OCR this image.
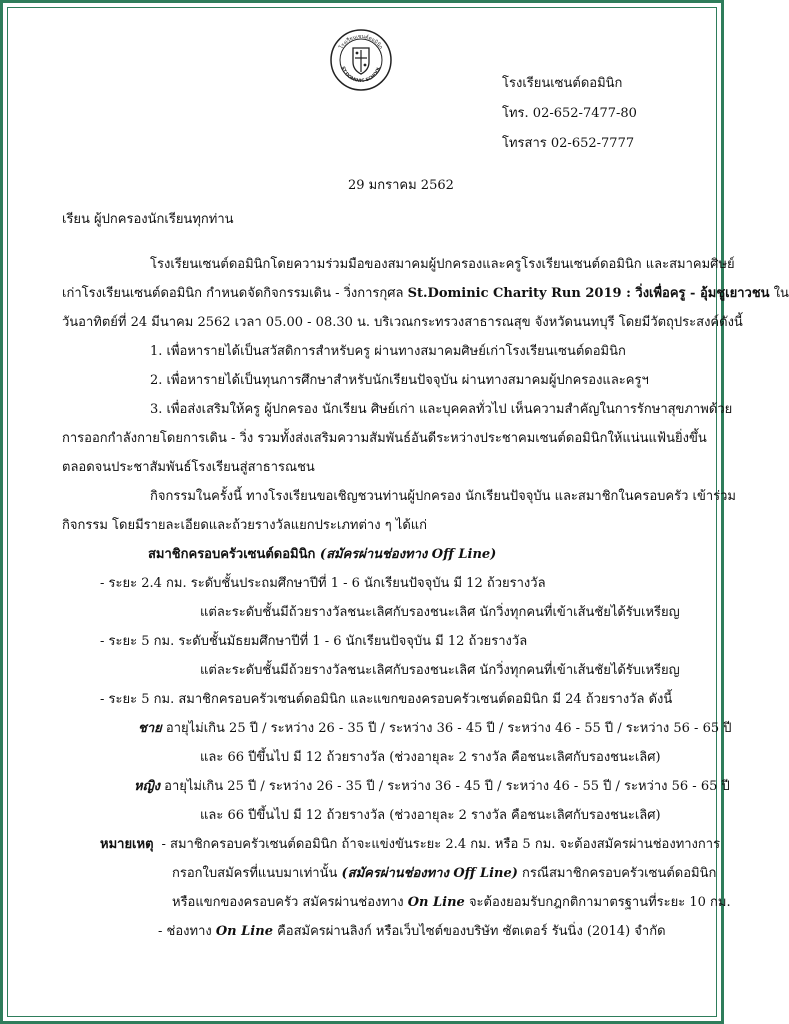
โรงเรียนเซนต์ดอมินิก
ST.DOMINIC SCHOOL
โรงเรียนเซนต์ดอมินิก
โทร. 02-652-7477-80
โทรสาร 02-652-7777
29 มกราคม 2562
เรียน ผู้ปกครองนักเรียนทุกท่าน
โรงเรียนเซนต์ดอมินิกโดยความร่วมมือของสมาคมผู้ปกครองและครูโรงเรียนเซนต์ดอมินิก และสมาคมศิษย์
เก่าโรงเรียนเซนต์ดอมินิก กำหนดจัดกิจกรรมเดิน - วิ่งการกุศล St.Dominic Charity Run 2019 : วิ่งเพื่อครู - อุ้มชูเยาวชน ใน
วันอาทิตย์ที่ 24 มีนาคม 2562 เวลา 05.00 - 08.30 น. บริเวณกระทรวงสาธารณสุข จังหวัดนนทบุรี โดยมีวัตถุประสงค์ดังนี้
1. เพื่อหารายได้เป็นสวัสดิการสำหรับครู ผ่านทางสมาคมศิษย์เก่าโรงเรียนเซนต์ดอมินิก
2. เพื่อหารายได้เป็นทุนการศึกษาสำหรับนักเรียนปัจจุบัน ผ่านทางสมาคมผู้ปกครองและครูฯ
3. เพื่อส่งเสริมให้ครู ผู้ปกครอง นักเรียน ศิษย์เก่า และบุคคลทั่วไป เห็นความสำคัญในการรักษาสุขภาพด้วย
การออกกำลังกายโดยการเดิน - วิ่ง รวมทั้งส่งเสริมความสัมพันธ์อันดีระหว่างประชาคมเซนต์ดอมินิกให้แน่นแฟ้นยิ่งขึ้น
ตลอดจนประชาสัมพันธ์โรงเรียนสู่สาธารณชน
กิจกรรมในครั้งนี้ ทางโรงเรียนขอเชิญชวนท่านผู้ปกครอง นักเรียนปัจจุบัน และสมาชิกในครอบครัว เข้าร่วม
กิจกรรม โดยมีรายละเอียดและถ้วยรางวัลแยกประเภทต่าง ๆ ได้แก่
สมาชิกครอบครัวเซนต์ดอมินิก (สมัครผ่านช่องทาง Off Line)
- ระยะ 2.4 กม. ระดับชั้นประถมศึกษาปีที่ 1 - 6 นักเรียนปัจจุบัน มี 12 ถ้วยรางวัล
แต่ละระดับชั้นมีถ้วยรางวัลชนะเลิศกับรองชนะเลิศ นักวิ่งทุกคนที่เข้าเส้นชัยได้รับเหรียญ
- ระยะ 5 กม. ระดับชั้นมัธยมศึกษาปีที่ 1 - 6 นักเรียนปัจจุบัน มี 12 ถ้วยรางวัล
แต่ละระดับชั้นมีถ้วยรางวัลชนะเลิศกับรองชนะเลิศ นักวิ่งทุกคนที่เข้าเส้นชัยได้รับเหรียญ
- ระยะ 5 กม. สมาชิกครอบครัวเซนต์ดอมินิก และแขกของครอบครัวเซนต์ดอมินิก มี 24 ถ้วยรางวัล ดังนี้
ชาย อายุไม่เกิน 25 ปี / ระหว่าง 26 - 35 ปี / ระหว่าง 36 - 45 ปี / ระหว่าง 46 - 55 ปี / ระหว่าง 56 - 65 ปี
และ 66 ปีขึ้นไป มี 12 ถ้วยรางวัล (ช่วงอายุละ 2 รางวัล คือชนะเลิศกับรองชนะเลิศ)
หญิง อายุไม่เกิน 25 ปี / ระหว่าง 26 - 35 ปี / ระหว่าง 36 - 45 ปี / ระหว่าง 46 - 55 ปี / ระหว่าง 56 - 65 ปี
และ 66 ปีขึ้นไป มี 12 ถ้วยรางวัล (ช่วงอายุละ 2 รางวัล คือชนะเลิศกับรองชนะเลิศ)
หมายเหตุ - สมาชิกครอบครัวเซนต์ดอมินิก ถ้าจะแข่งขันระยะ 2.4 กม. หรือ 5 กม. จะต้องสมัครผ่านช่องทางการ
กรอกใบสมัครที่แนบมาเท่านั้น (สมัครผ่านช่องทาง Off Line) กรณีสมาชิกครอบครัวเซนต์ดอมินิก
หรือแขกของครอบครัว สมัครผ่านช่องทาง On Line จะต้องยอมรับกฎกติกามาตรฐานที่ระยะ 10 กม.
- ช่องทาง On Line คือสมัครผ่านลิงก์ หรือเว็บไซต์ของบริษัท ซัตเตอร์ รันนิ่ง (2014) จำกัด
